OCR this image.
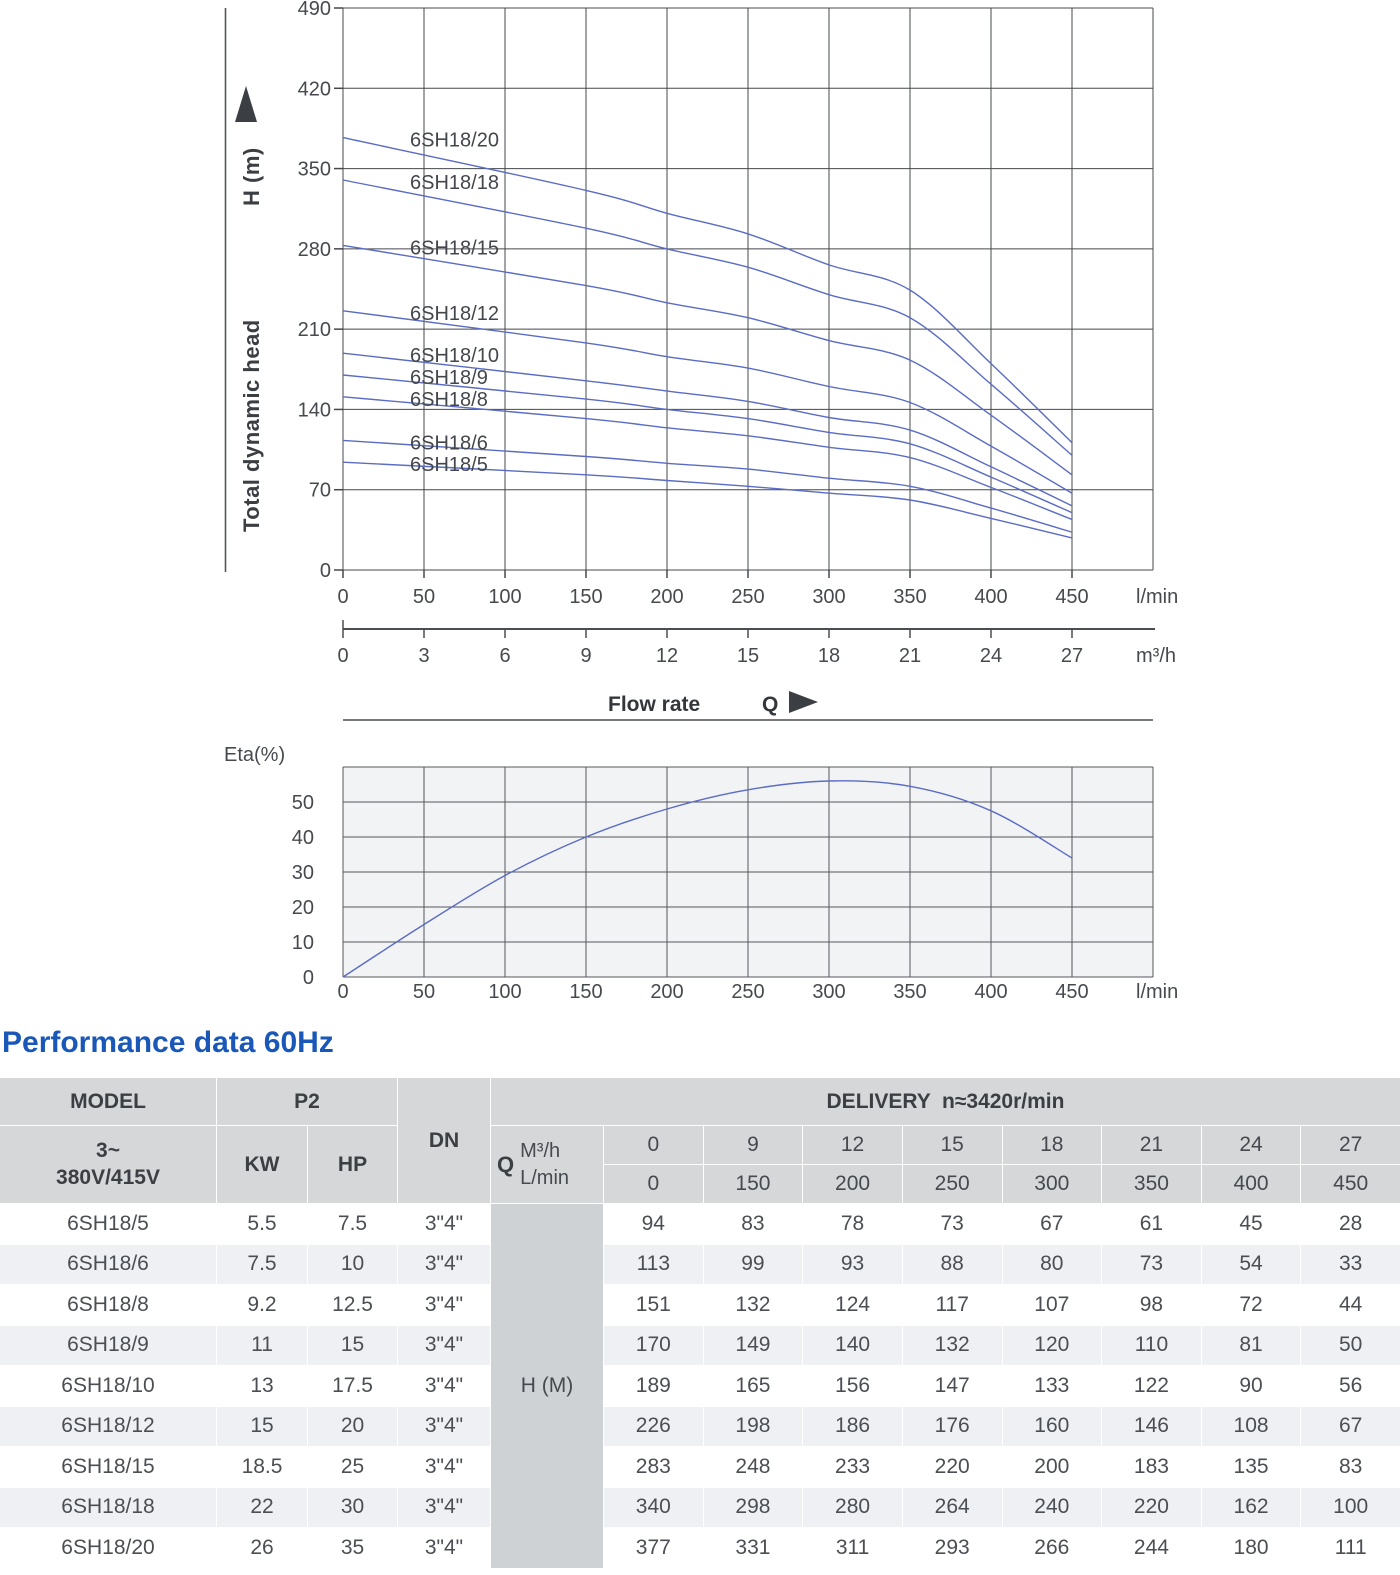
0
70
140
210
280
350
420
490
0	50	100 150 200 250 300 350 400 450 l/min
H (m)
Total dynamic head
6SH18/20
6SH18/18
6SH18/15
6SH18/12
6SH18/10
6SH18/9
6SH18/8
6SH18/6
6SH18/5
0	3	6	9	12	15	18	21	24	27	m³/h
Flow rate	Q
Eta(%)
0
10
20
30
40
50
0	50	100 150 200 250 300 350 400 450 l/min
Performance data 60Hz
MODEL	P2
DN
DELIVERY  n≈3420r/min
3~
380V/415V
KW	HP	Q
M³/h
L/min
H (M)
0	9	12	15	18	21	24	27
0	150	200	250	300	350	400	450
6SH18/5	5.5	7.5	3"4"	94	83	78	73	67	61	45	28
6SH18/6	7.5	10	3"4"	113	99	93	88	80	73	54	33
6SH18/8	9.2	12.5	3"4"	151	132	124	117	107	98	72	44
6SH18/9	11	15	3"4"	170	149	140	132	120	110	81	50
6SH18/10	13	17.5	3"4"	189	165	156	147	133	122	90	56
6SH18/12	15	20	3"4"	226	198	186	176	160	146	108	67
6SH18/15	18.5	25	3"4"	283	248	233	220	200	183	135	83
6SH18/18	22	30	3"4"	340	298	280	264	240	220	162	100
6SH18/20	26	35	3"4"	377	331	311	293	266	244	180	111
